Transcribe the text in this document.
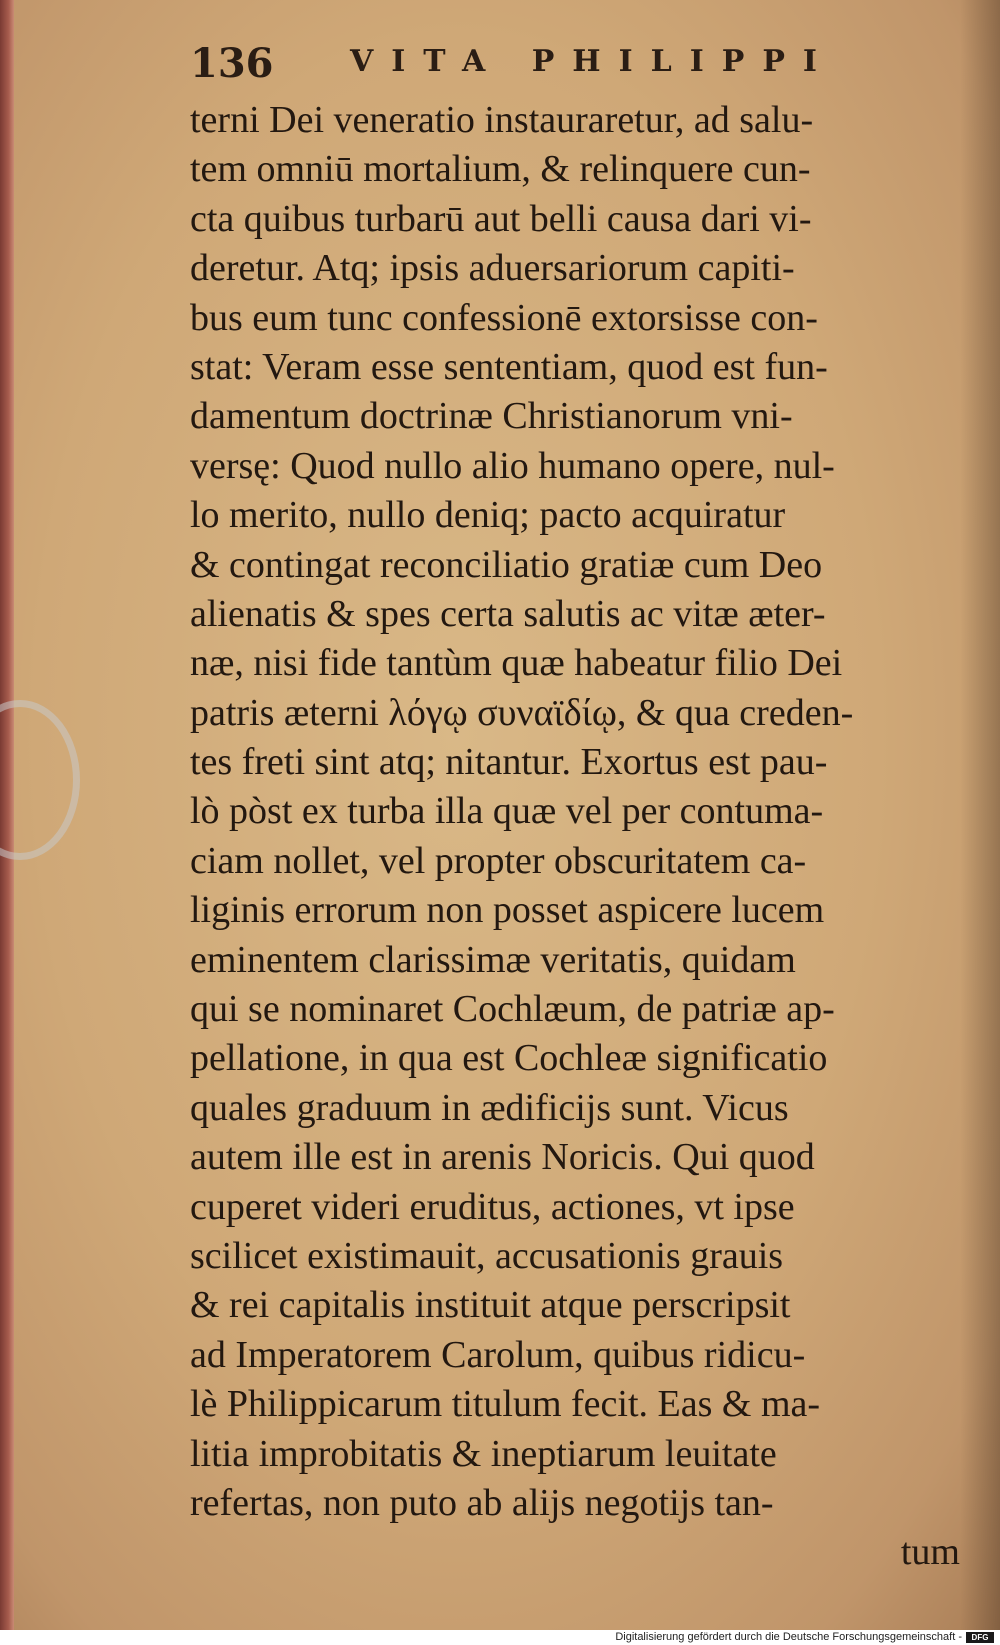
136	VITA PHILIPPI
terni Dei veneratio instauraretur, ad salu-
tem omniū mortalium, & relinquere cun-
cta quibus turbarū aut belli causa dari vi-
deretur. Atq; ipsis aduersariorum capiti-
bus eum tunc confessionē extorsisse con-
stat: Veram esse sententiam, quod est fun-
damentum doctrinæ Christianorum vni-
versę: Quod nullo alio humano opere, nul-
lo merito, nullo deniq; pacto acquiratur
& contingat reconciliatio gratiæ cum Deo
alienatis & spes certa salutis ac vitæ æter-
næ, nisi fide tantùm quæ habeatur filio Dei
patris æterni λόγῳ συναϊδίῳ, & qua creden-
tes freti sint atq; nitantur. Exortus est pau-
lò pòst ex turba illa quæ vel per contuma-
ciam nollet, vel propter obscuritatem ca-
liginis errorum non posset aspicere lucem
eminentem clarissimæ veritatis, quidam
qui se nominaret Cochlæum, de patriæ ap-
pellatione, in qua est Cochleæ significatio
quales graduum in ædificijs sunt. Vicus
autem ille est in arenis Noricis. Qui quod
cuperet videri eruditus, actiones, vt ipse
scilicet existimauit, accusationis grauis
& rei capitalis instituit atque perscripsit
ad Imperatorem Carolum, quibus ridicu-
lè Philippicarum titulum fecit. Eas & ma-
litia improbitatis & ineptiarum leuitate
refertas, non puto ab alijs negotijs tan-
tum
Digitalisierung gefördert durch die Deutsche Forschungsgemeinschaft -	DFG
